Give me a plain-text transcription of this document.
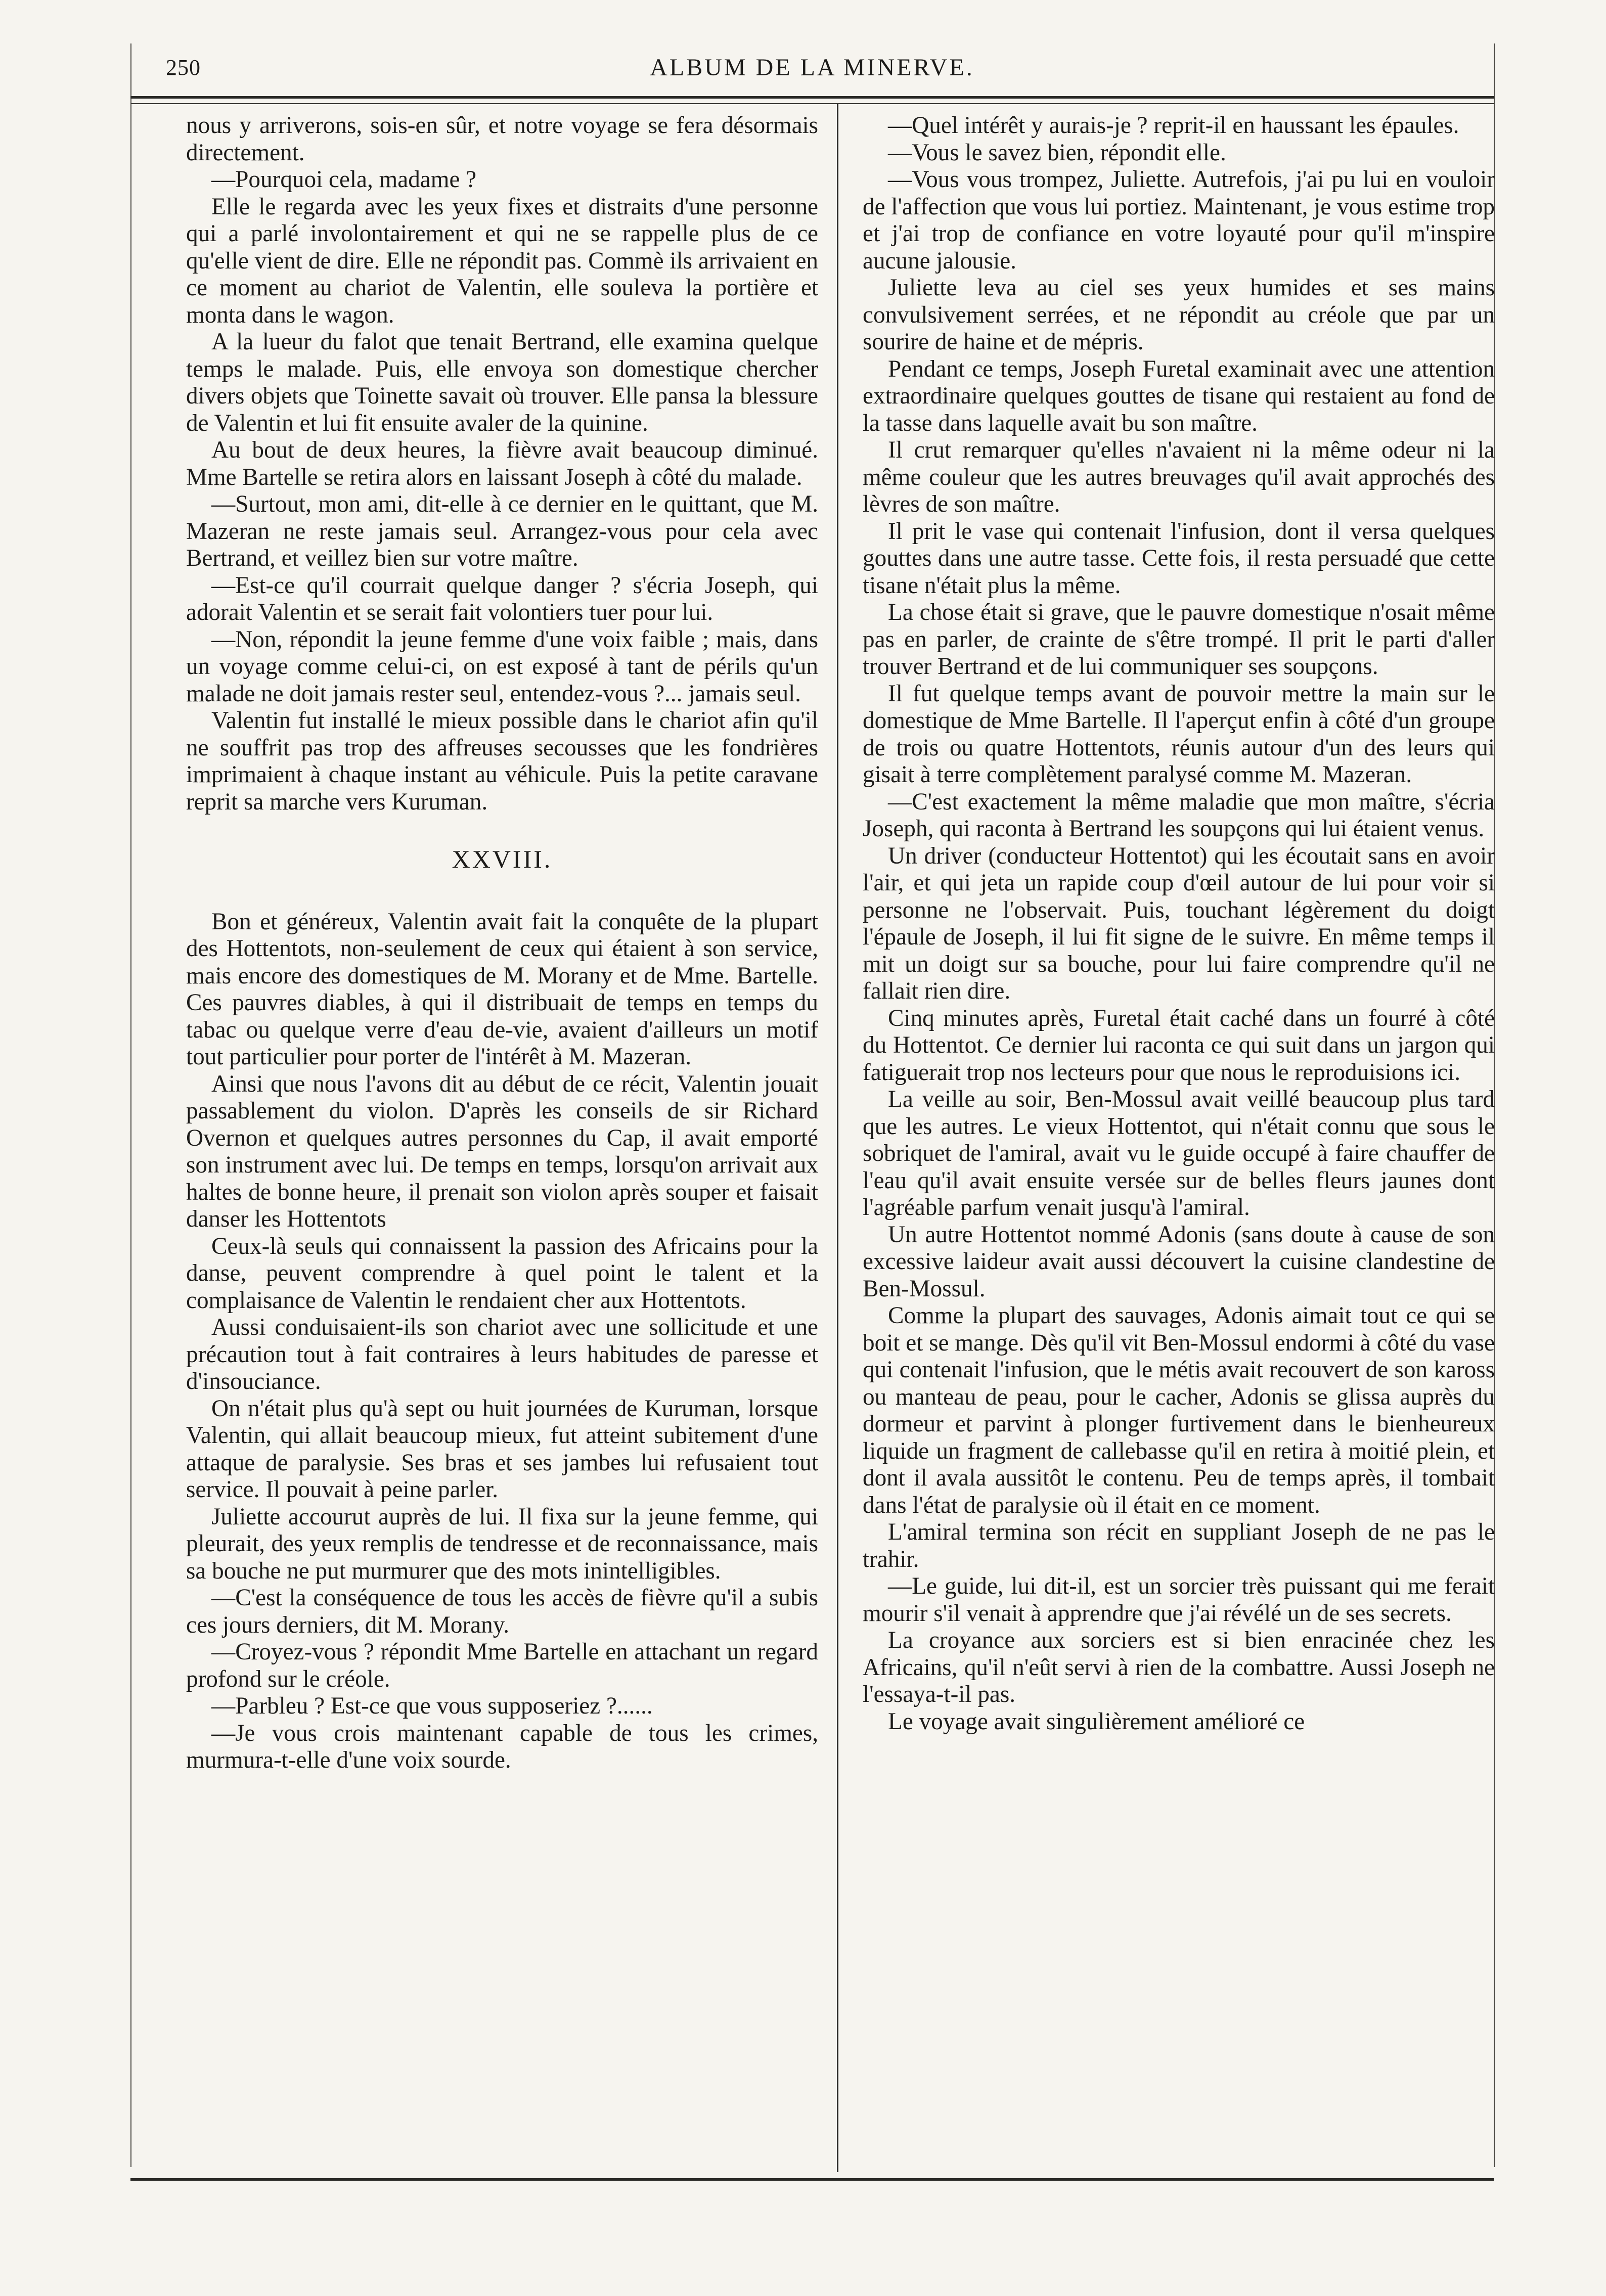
250	ALBUM DE LA MINERVE.

nous y arriverons, sois-en sûr, et notre voyage se fera désormais directement.

—Pourquoi cela, madame ?

Elle le regarda avec les yeux fixes et distraits d'une personne qui a parlé involontairement et qui ne se rappelle plus de ce qu'elle vient de dire. Elle ne répondit pas. Commè ils arrivaient en ce moment au chariot de Valentin, elle souleva la portière et monta dans le wagon.

A la lueur du falot que tenait Bertrand, elle examina quelque temps le malade. Puis, elle envoya son domestique chercher divers objets que Toinette savait où trouver. Elle pansa la blessure de Valentin et lui fit ensuite avaler de la quinine.

Au bout de deux heures, la fièvre avait beaucoup diminué. Mme Bartelle se retira alors en laissant Joseph à côté du malade.

—Surtout, mon ami, dit-elle à ce dernier en le quittant, que M. Mazeran ne reste jamais seul. Arrangez-vous pour cela avec Bertrand, et veillez bien sur votre maître.

—Est-ce qu'il courrait quelque danger ? s'écria Joseph, qui adorait Valentin et se serait fait volontiers tuer pour lui.

—Non, répondit la jeune femme d'une voix faible ; mais, dans un voyage comme celui-ci, on est exposé à tant de périls qu'un malade ne doit jamais rester seul, entendez-vous ?... jamais seul.

Valentin fut installé le mieux possible dans le chariot afin qu'il ne souffrit pas trop des affreuses secousses que les fondrières imprimaient à chaque instant au véhicule. Puis la petite caravane reprit sa marche vers Kuruman.

XXVIII.

Bon et généreux, Valentin avait fait la conquête de la plupart des Hottentots, non-seulement de ceux qui étaient à son service, mais encore des domestiques de M. Morany et de Mme. Bartelle. Ces pauvres diables, à qui il distribuait de temps en temps du tabac ou quelque verre d'eau de-vie, avaient d'ailleurs un motif tout particulier pour porter de l'intérêt à M. Mazeran.

Ainsi que nous l'avons dit au début de ce récit, Valentin jouait passablement du violon. D'après les conseils de sir Richard Overnon et quelques autres personnes du Cap, il avait emporté son instrument avec lui. De temps en temps, lorsqu'on arrivait aux haltes de bonne heure, il prenait son violon après souper et faisait danser les Hottentots

Ceux-là seuls qui connaissent la passion des Africains pour la danse, peuvent comprendre à quel point le talent et la complaisance de Valentin le rendaient cher aux Hottentots.

Aussi conduisaient-ils son chariot avec une sollicitude et une précaution tout à fait contraires à leurs habitudes de paresse et d'insouciance.

On n'était plus qu'à sept ou huit journées de Kuruman, lorsque Valentin, qui allait beaucoup mieux, fut atteint subitement d'une attaque de paralysie. Ses bras et ses jambes lui refusaient tout service. Il pouvait à peine parler.

Juliette accourut auprès de lui. Il fixa sur la jeune femme, qui pleurait, des yeux remplis de tendresse et de reconnaissance, mais sa bouche ne put murmurer que des mots inintelligibles.

—C'est la conséquence de tous les accès de fièvre qu'il a subis ces jours derniers, dit M. Morany.

—Croyez-vous ? répondit Mme Bartelle en attachant un regard profond sur le créole.

—Parbleu ? Est-ce que vous supposeriez ?......

—Je vous crois maintenant capable de tous les crimes, murmura-t-elle d'une voix sourde.

—Quel intérêt y aurais-je ? reprit-il en haussant les épaules.

—Vous le savez bien, répondit elle.

—Vous vous trompez, Juliette. Autrefois, j'ai pu lui en vouloir de l'affection que vous lui portiez. Maintenant, je vous estime trop et j'ai trop de confiance en votre loyauté pour qu'il m'inspire aucune jalousie.

Juliette leva au ciel ses yeux humides et ses mains convulsivement serrées, et ne répondit au créole que par un sourire de haine et de mépris.

Pendant ce temps, Joseph Furetal examinait avec une attention extraordinaire quelques gouttes de tisane qui restaient au fond de la tasse dans laquelle avait bu son maître.

Il crut remarquer qu'elles n'avaient ni la même odeur ni la même couleur que les autres breuvages qu'il avait approchés des lèvres de son maître.

Il prit le vase qui contenait l'infusion, dont il versa quelques gouttes dans une autre tasse. Cette fois, il resta persuadé que cette tisane n'était plus la même.

La chose était si grave, que le pauvre domestique n'osait même pas en parler, de crainte de s'être trompé. Il prit le parti d'aller trouver Bertrand et de lui communiquer ses soupçons.

Il fut quelque temps avant de pouvoir mettre la main sur le domestique de Mme Bartelle. Il l'aperçut enfin à côté d'un groupe de trois ou quatre Hottentots, réunis autour d'un des leurs qui gisait à terre complètement paralysé comme M. Mazeran.

—C'est exactement la même maladie que mon maître, s'écria Joseph, qui raconta à Bertrand les soupçons qui lui étaient venus.

Un driver (conducteur Hottentot) qui les écoutait sans en avoir l'air, et qui jeta un rapide coup d'œil autour de lui pour voir si personne ne l'observait. Puis, touchant légèrement du doigt l'épaule de Joseph, il lui fit signe de le suivre. En même temps il mit un doigt sur sa bouche, pour lui faire comprendre qu'il ne fallait rien dire.

Cinq minutes après, Furetal était caché dans un fourré à côté du Hottentot. Ce dernier lui raconta ce qui suit dans un jargon qui fatiguerait trop nos lecteurs pour que nous le reproduisions ici.

La veille au soir, Ben-Mossul avait veillé beaucoup plus tard que les autres. Le vieux Hottentot, qui n'était connu que sous le sobriquet de l'amiral, avait vu le guide occupé à faire chauffer de l'eau qu'il avait ensuite versée sur de belles fleurs jaunes dont l'agréable parfum venait jusqu'à l'amiral.

Un autre Hottentot nommé Adonis (sans doute à cause de son excessive laideur avait aussi découvert la cuisine clandestine de Ben-Mossul.

Comme la plupart des sauvages, Adonis aimait tout ce qui se boit et se mange. Dès qu'il vit Ben-Mossul endormi à côté du vase qui contenait l'infusion, que le métis avait recouvert de son kaross ou manteau de peau, pour le cacher, Adonis se glissa auprès du dormeur et parvint à plonger furtivement dans le bienheureux liquide un fragment de callebasse qu'il en retira à moitié plein, et dont il avala aussitôt le contenu. Peu de temps après, il tombait dans l'état de paralysie où il était en ce moment.

L'amiral termina son récit en suppliant Joseph de ne pas le trahir.

—Le guide, lui dit-il, est un sorcier très puissant qui me ferait mourir s'il venait à apprendre que j'ai révélé un de ses secrets.

La croyance aux sorciers est si bien enracinée chez les Africains, qu'il n'eût servi à rien de la combattre. Aussi Joseph ne l'essaya-t-il pas.

Le voyage avait singulièrement amélioré ce
